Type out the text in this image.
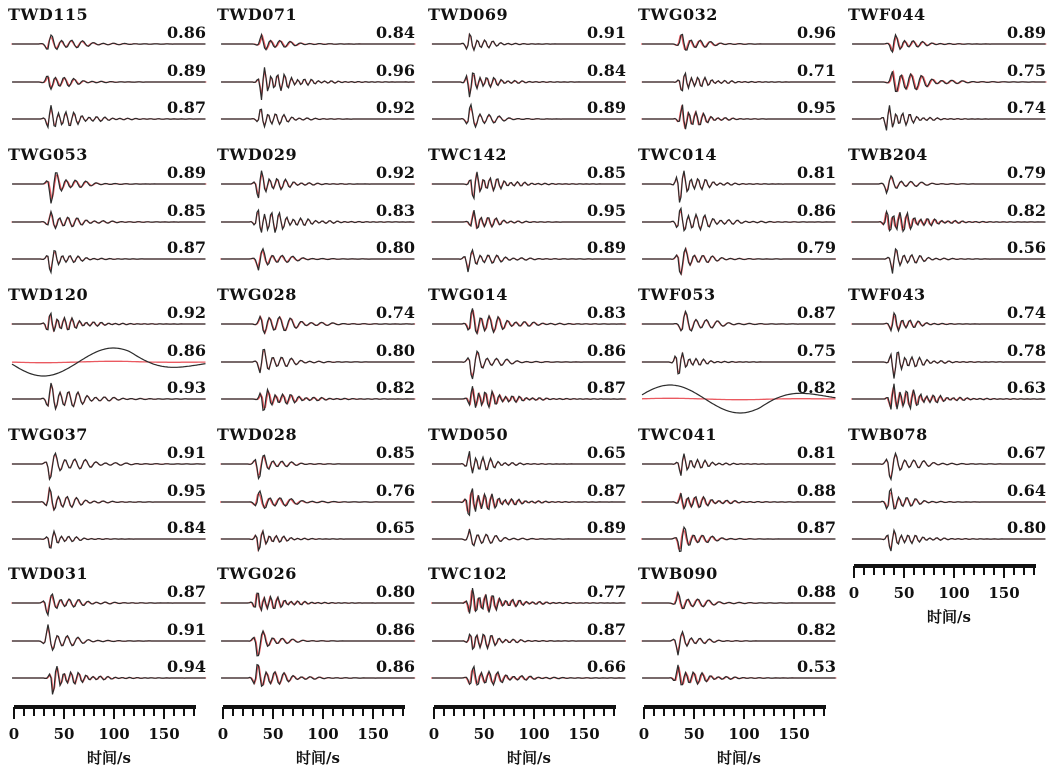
TWD115
0.86
0.89
0.87
TWG053
0.89
0.85
0.87
TWD120
0.92
0.86
0.93
TWG037
0.91
0.95
0.84
TWD031
0.87
0.91
0.94
TWD071
0.84
0.96
0.92
TWD029
0.92
0.83
0.80
TWG028
0.74
0.80
0.82
TWD028
0.85
0.76
0.65
TWG026
0.80
0.86
0.86
TWD069
0.91
0.84
0.89
TWC142
0.85
0.95
0.89
TWG014
0.83
0.86
0.87
TWD050
0.65
0.87
0.89
TWC102
0.77
0.87
0.66
TWG032
0.96
0.71
0.95
TWC014
0.81
0.86
0.79
TWF053
0.87
0.75
0.82
TWC041
0.81
0.88
0.87
TWB090
0.88
0.82
0.53
TWF044
0.89
0.75
0.74
TWB204
0.79
0.82
0.56
TWF043
0.74
0.78
0.63
TWB078
0.67
0.64
0.80
0 50 100 150
时间/s
0 50 100 150
时间/s
0 50 100 150
时间/s
0 50 100 150
时间/s
0 50 100 150
时间/s
